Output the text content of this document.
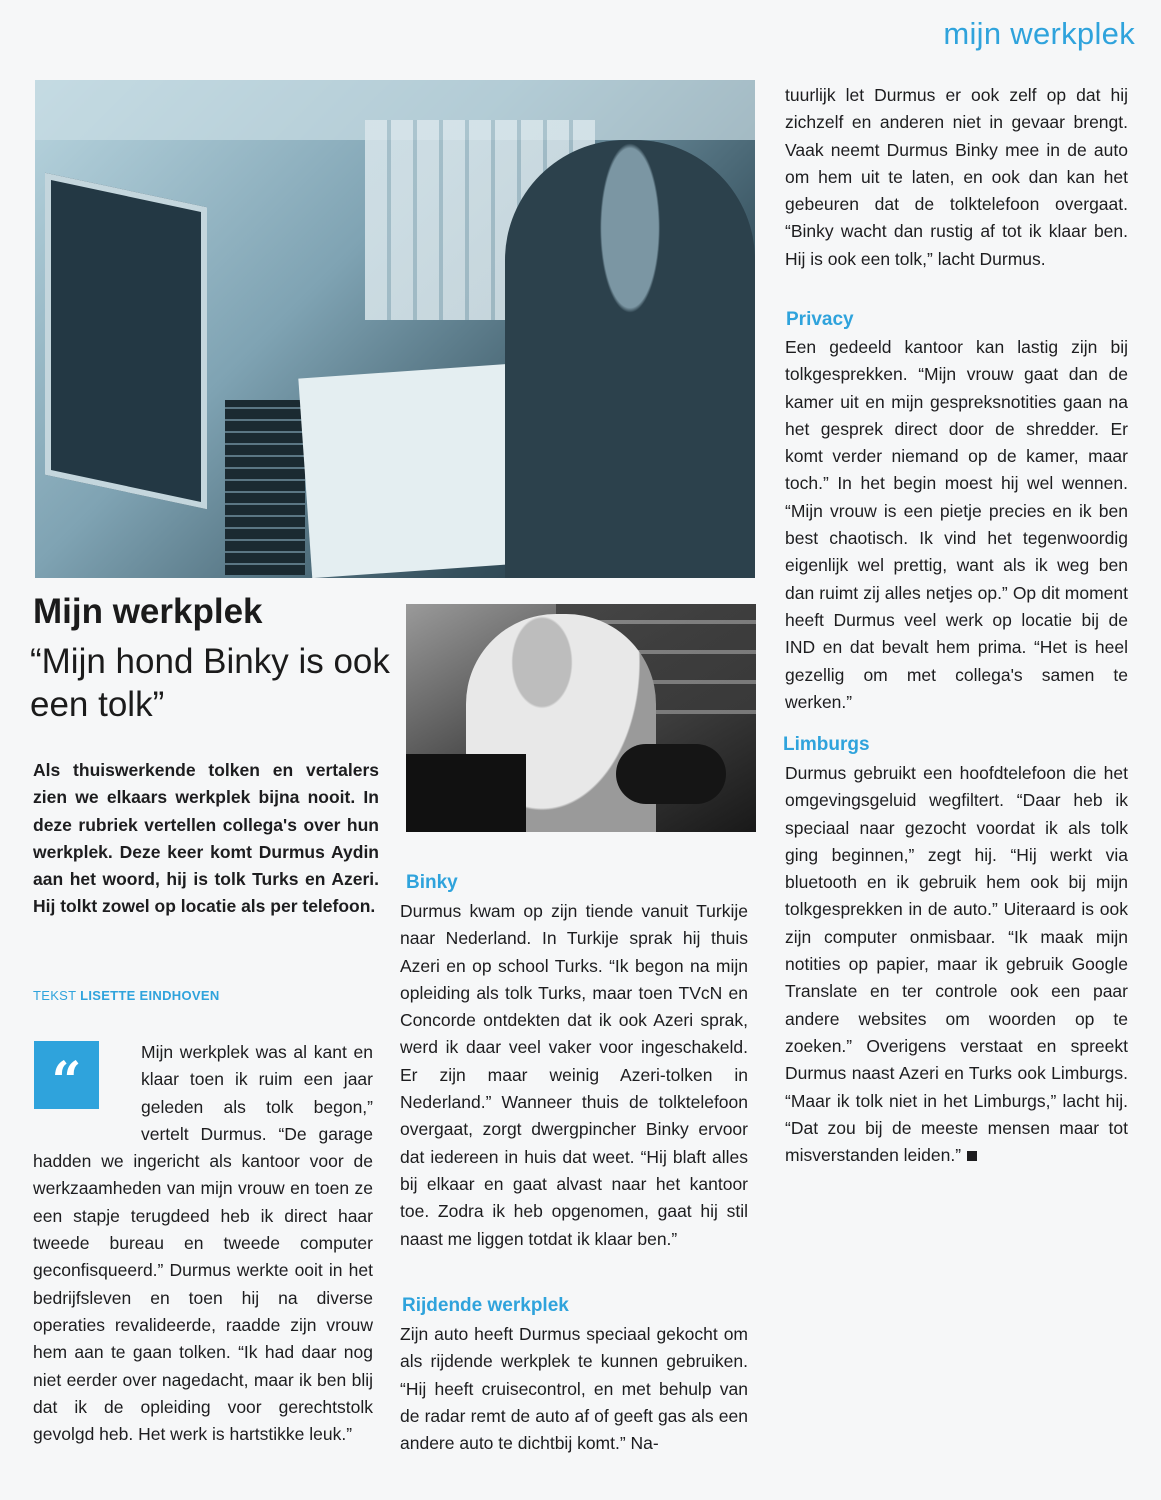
mijn werkplek
Mijn werkplek
“Mijn hond Binky is ook een tolk”

Als thuiswerkende tolken en vertalers zien we elkaars werkplek bijna nooit. In deze rubriek vertellen collega's over hun werkplek. Deze keer komt Durmus Aydin aan het woord, hij is tolk Turks en Azeri. Hij tolkt zowel op locatie als per telefoon.

TEKST LISETTE EINDHOVEN
“	Mijn werkplek was al kant en klaar toen ik ruim een jaar geleden als tolk begon,” vertelt Durmus. “De garage hadden we ingericht als kantoor voor de werkzaamheden van mijn vrouw en toen ze een stapje terugdeed heb ik direct haar tweede bureau en tweede computer geconfisqueerd.” Durmus werkte ooit in het bedrijfsleven en toen hij na diverse operaties revalideerde, raadde zijn vrouw hem aan te gaan tolken. “Ik had daar nog niet eerder over nagedacht, maar ik ben blij dat ik de opleiding voor gerechtstolk gevolgd heb. Het werk is hartstikke leuk.”
Binky

Durmus kwam op zijn tiende vanuit Turkije naar Nederland. In Turkije sprak hij thuis Azeri en op school Turks. “Ik begon na mijn opleiding als tolk Turks, maar toen TVcN en Concorde ontdekten dat ik ook Azeri sprak, werd ik daar veel vaker voor ingeschakeld. Er zijn maar weinig Azeri-tolken in Nederland.” Wanneer thuis de tolktelefoon overgaat, zorgt dwergpincher Binky ervoor dat iedereen in huis dat weet. “Hij blaft alles bij elkaar en gaat alvast naar het kantoor toe. Zodra ik heb opgenomen, gaat hij stil naast me liggen totdat ik klaar ben.”

Rijdende werkplek

Zijn auto heeft Durmus speciaal gekocht om als rijdende werkplek te kunnen gebruiken. “Hij heeft cruisecontrol, en met behulp van de radar remt de auto af of geeft gas als een andere auto te dichtbij komt.” Na-

tuurlijk let Durmus er ook zelf op dat hij zichzelf en anderen niet in gevaar brengt. Vaak neemt Durmus Binky mee in de auto om hem uit te laten, en ook dan kan het gebeuren dat de tolktelefoon overgaat. “Binky wacht dan rustig af tot ik klaar ben. Hij is ook een tolk,” lacht Durmus.

Privacy

Een gedeeld kantoor kan lastig zijn bij tolkgesprekken. “Mijn vrouw gaat dan de kamer uit en mijn gespreksnotities gaan na het gesprek direct door de shredder. Er komt verder niemand op de kamer, maar toch.” In het begin moest hij wel wennen. “Mijn vrouw is een pietje precies en ik ben best chaotisch. Ik vind het tegenwoordig eigenlijk wel prettig, want als ik weg ben dan ruimt zij alles netjes op.” Op dit moment heeft Durmus veel werk op locatie bij de IND en dat bevalt hem prima. “Het is heel gezellig om met collega's samen te werken.”

Limburgs

Durmus gebruikt een hoofdtelefoon die het omgevingsgeluid wegfiltert. “Daar heb ik speciaal naar gezocht voordat ik als tolk ging beginnen,” zegt hij. “Hij werkt via bluetooth en ik gebruik hem ook bij mijn tolkgesprekken in de auto.” Uiteraard is ook zijn computer onmisbaar. “Ik maak mijn notities op papier, maar ik gebruik Google Translate en ter controle ook een paar andere websites om woorden op te zoeken.” Overigens verstaat en spreekt Durmus naast Azeri en Turks ook Limburgs. “Maar ik tolk niet in het Limburgs,” lacht hij. “Dat zou bij de meeste mensen maar tot misverstanden leiden.”
